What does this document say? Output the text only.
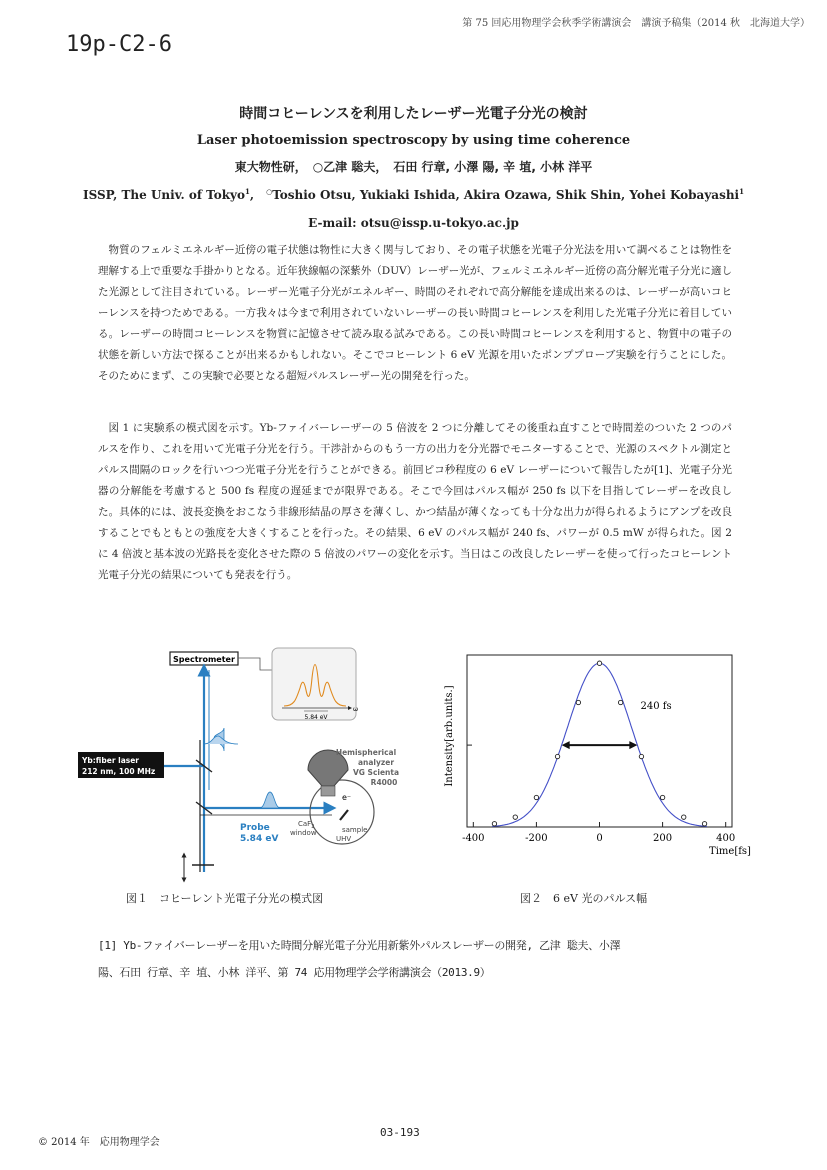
第 75 回応用物理学会秋季学術講演会　講演予稿集（2014 秋　北海道大学）
19p-C2-6
時間コヒーレンスを利用したレーザー光電子分光の検討
Laser photoemission spectroscopy by using time coherence
東大物性研，　○乙津 聡夫，　石田 行章, 小澤 陽, 辛 埴, 小林 洋平
ISSP, The Univ. of Tokyo$^1$,　○Toshio Otsu, Yukiaki Ishida, Akira Ozawa, Shik Shin, Yohei Kobayashi$^1$
E-mail: otsu@issp.u-tokyo.ac.jp

物質のフェルミエネルギー近傍の電子状態は物性に大きく関与しており、その電子状態を光電子分光法を用いて調べることは物性を理解する上で重要な手掛かりとなる。近年狭線幅の深紫外（DUV）レーザー光が、フェルミエネルギー近傍の高分解光電子分光に適した光源として注目されている。レーザー光電子分光がエネルギー、時間のそれぞれで高分解能を達成出来るのは、レーザーが高いコヒーレンスを持つためである。一方我々は今まで利用されていないレーザーの長い時間コヒーレンスを利用した光電子分光に着目している。レーザーの時間コヒーレンスを物質に記憶させて読み取る試みである。この長い時間コヒーレンスを利用すると、物質中の電子の状態を新しい方法で探ることが出来るかもしれない。そこでコヒーレント 6 eV 光源を用いたポンププローブ実験を行うことにした。そのためにまず、この実験で必要となる超短パルスレーザー光の開発を行った。

図 1 に実験系の模式図を示す。Yb-ファイバーレーザーの 5 倍波を 2 つに分離してその後重ね直すことで時間差のついた 2 つのパルスを作り、これを用いて光電子分光を行う。干渉計からのもう一方の出力を分光器でモニターすることで、光源のスペクトル測定とパルス間隔のロックを行いつつ光電子分光を行うことができる。前回ピコ秒程度の 6 eV レーザーについて報告したが[1]、光電子分光器の分解能を考慮すると 500 fs 程度の遅延までが限界である。そこで今回はパルス幅が 250 fs 以下を目指してレーザーを改良した。具体的には、波長変換をおこなう非線形結晶の厚さを薄くし、かつ結晶が薄くなっても十分な出力が得られるようにアンプを改良することでもともとの強度を大きくすることを行った。その結果、6 eV のパルス幅が 240 fs、パワーが 0.5 mW が得られた。図 2 に 4 倍波と基本波の光路長を変化させた際の 5 倍波のパワーの変化を示す。当日はこの改良したレーザーを使って行ったコヒーレント光電子分光の結果についても発表を行う。

Spectrometer
5.84 eV
ω
Yb:fiber laser
212 nm, 100 MHz
Hemispherical
analyzer
VG Scienta
R4000
e⁻
sample
CaF$_2$
window
UHV
Probe
5.84 eV	-400	-200	0	200	400
240 fs
Time[fs]
Intensity[arb.units.]
図１　コヒーレント光電子分光の模式図	図２　6 eV 光のパルス幅
[1] Yb-ファイバーレーザーを用いた時間分解光電子分光用新紫外パルスレーザーの開発, 乙津 聡夫、小澤
陽、石田 行章、辛 埴、小林 洋平、第 74 応用物理学会学術講演会（2013.9）
© 2014 年　応用物理学会
03-193
